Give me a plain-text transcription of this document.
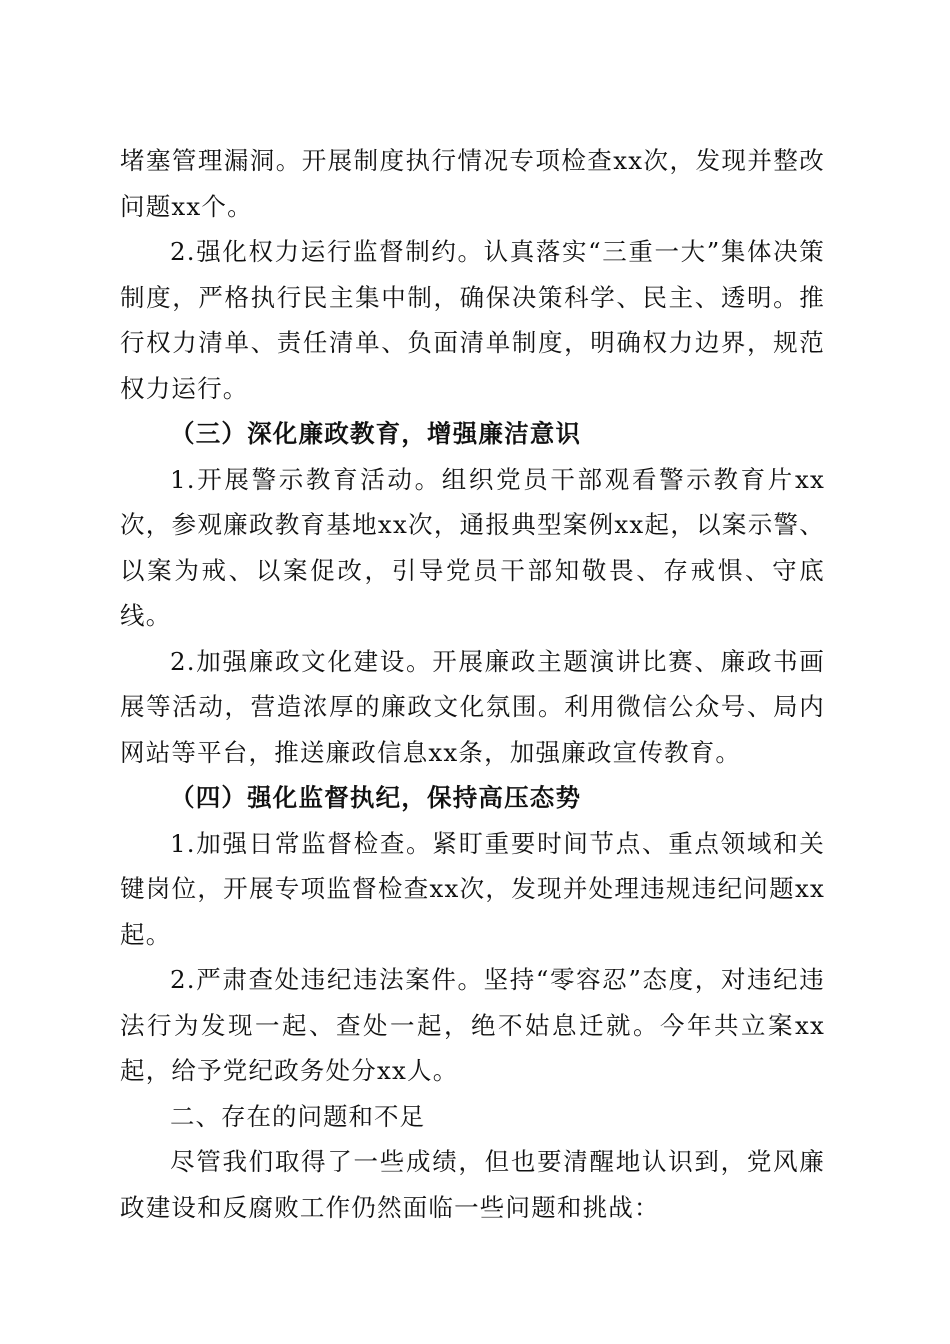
堵塞管理漏洞。开展制度执行情况专项检查xx次，发现并整改问题xx个。

2.强化权力运行监督制约。认真落实“三重一大”集体决策制度，严格执行民主集中制，确保决策科学、民主、透明。推行权力清单、责任清单、负面清单制度，明确权力边界，规范权力运行。

（三）深化廉政教育，增强廉洁意识

1.开展警示教育活动。组织党员干部观看警示教育片xx次，参观廉政教育基地xx次，通报典型案例xx起，以案示警、以案为戒、以案促改，引导党员干部知敬畏、存戒惧、守底线。

2.加强廉政文化建设。开展廉政主题演讲比赛、廉政书画展等活动，营造浓厚的廉政文化氛围。利用微信公众号、局内网站等平台，推送廉政信息xx条，加强廉政宣传教育。

（四）强化监督执纪，保持高压态势

1.加强日常监督检查。紧盯重要时间节点、重点领域和关键岗位，开展专项监督检查xx次，发现并处理违规违纪问题xx起。

2.严肃查处违纪违法案件。坚持“零容忍”态度，对违纪违法行为发现一起、查处一起，绝不姑息迁就。今年共立案xx起，给予党纪政务处分xx人。

二、存在的问题和不足

尽管我们取得了一些成绩，但也要清醒地认识到，党风廉政建设和反腐败工作仍然面临一些问题和挑战：
